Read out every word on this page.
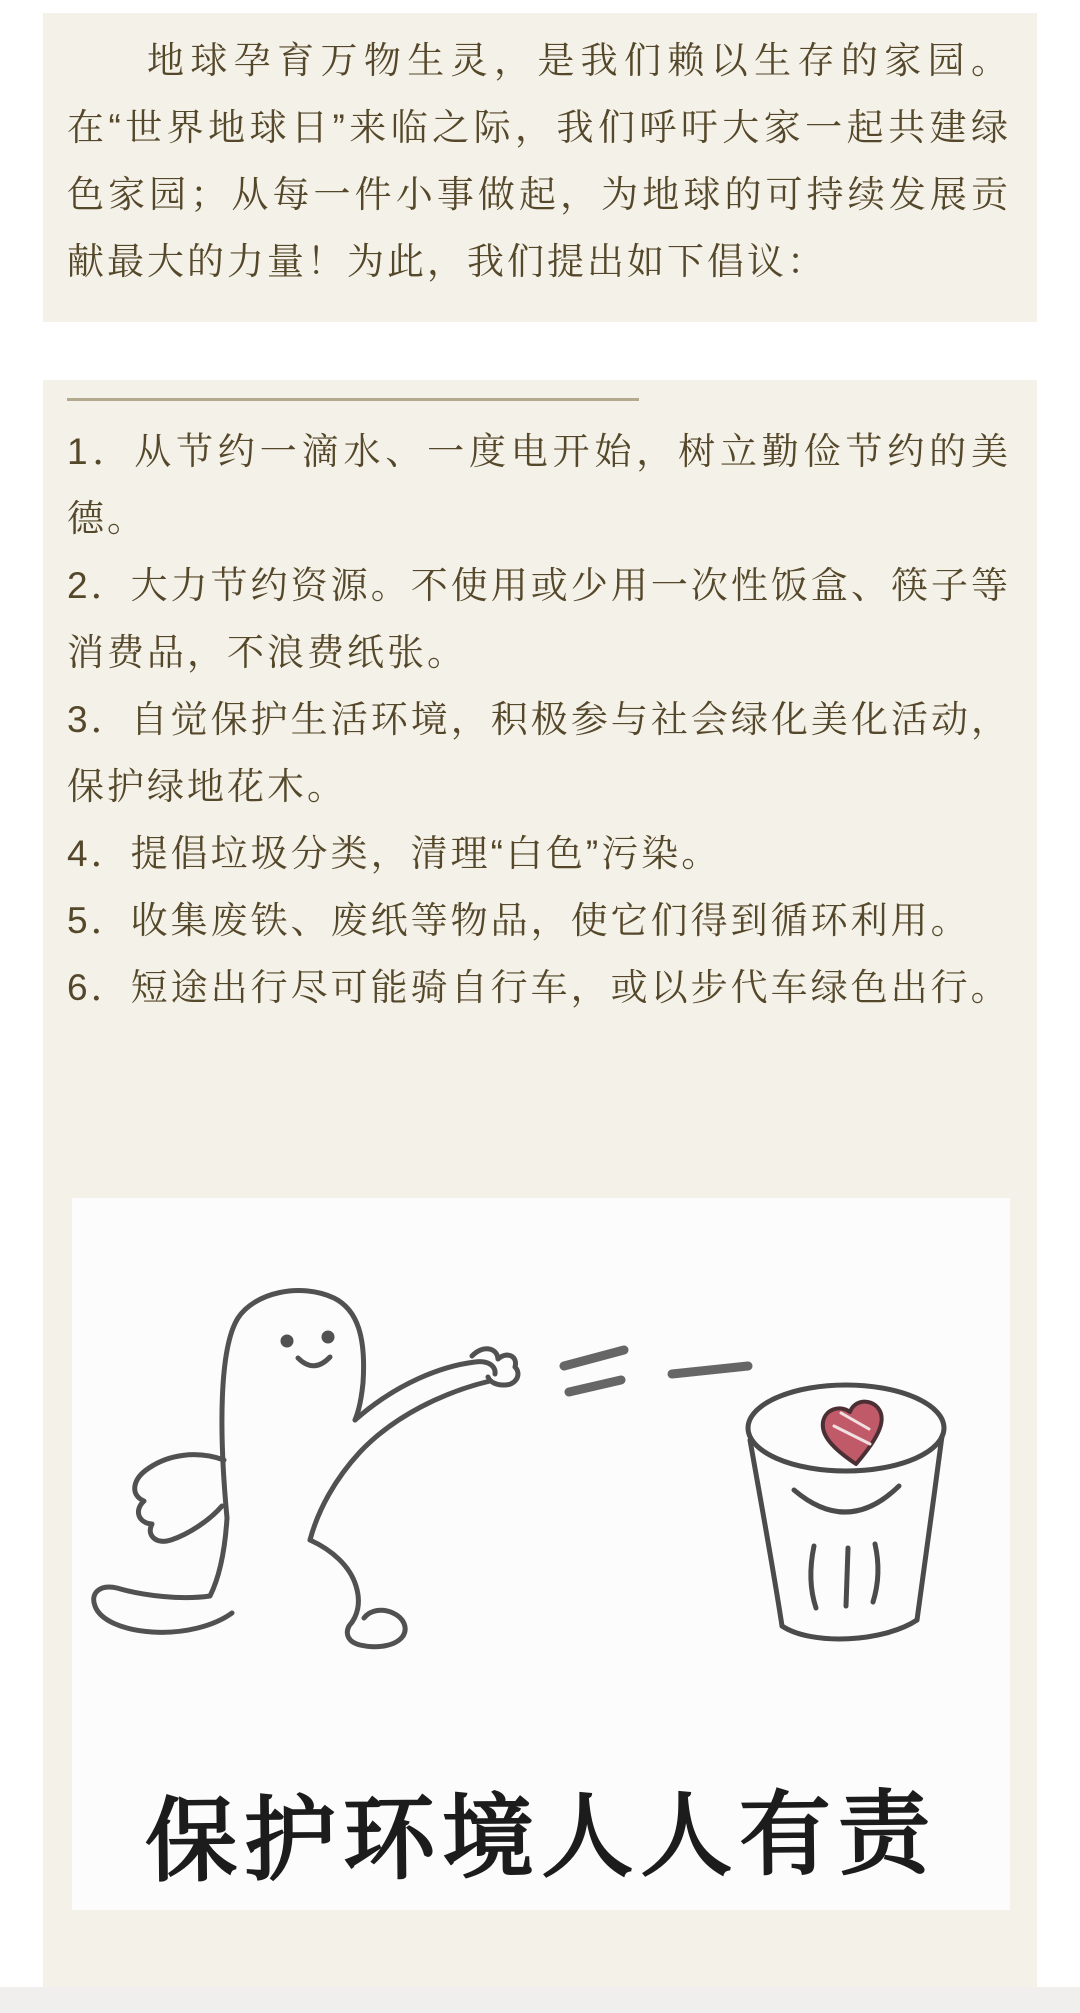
地球孕育万物生灵，是我们赖以生存的家园。在“世界地球日”来临之际，我们呼吁大家一起共建绿色家园；从每一件小事做起，为地球的可持续发展贡献最大的力量！为此，我们提出如下倡议：

1．从节约一滴水、一度电开始，树立勤俭节约的美德。
2．大力节约资源。不使用或少用一次性饭盒、筷子等消费品，不浪费纸张。
3．自觉保护生活环境，积极参与社会绿化美化活动，保护绿地花木。
4．提倡垃圾分类，清理“白色”污染。
5．收集废铁、废纸等物品，使它们得到循环利用。
6．短途出行尽可能骑自行车，或以步代车绿色出行。
保护环境人人有责
